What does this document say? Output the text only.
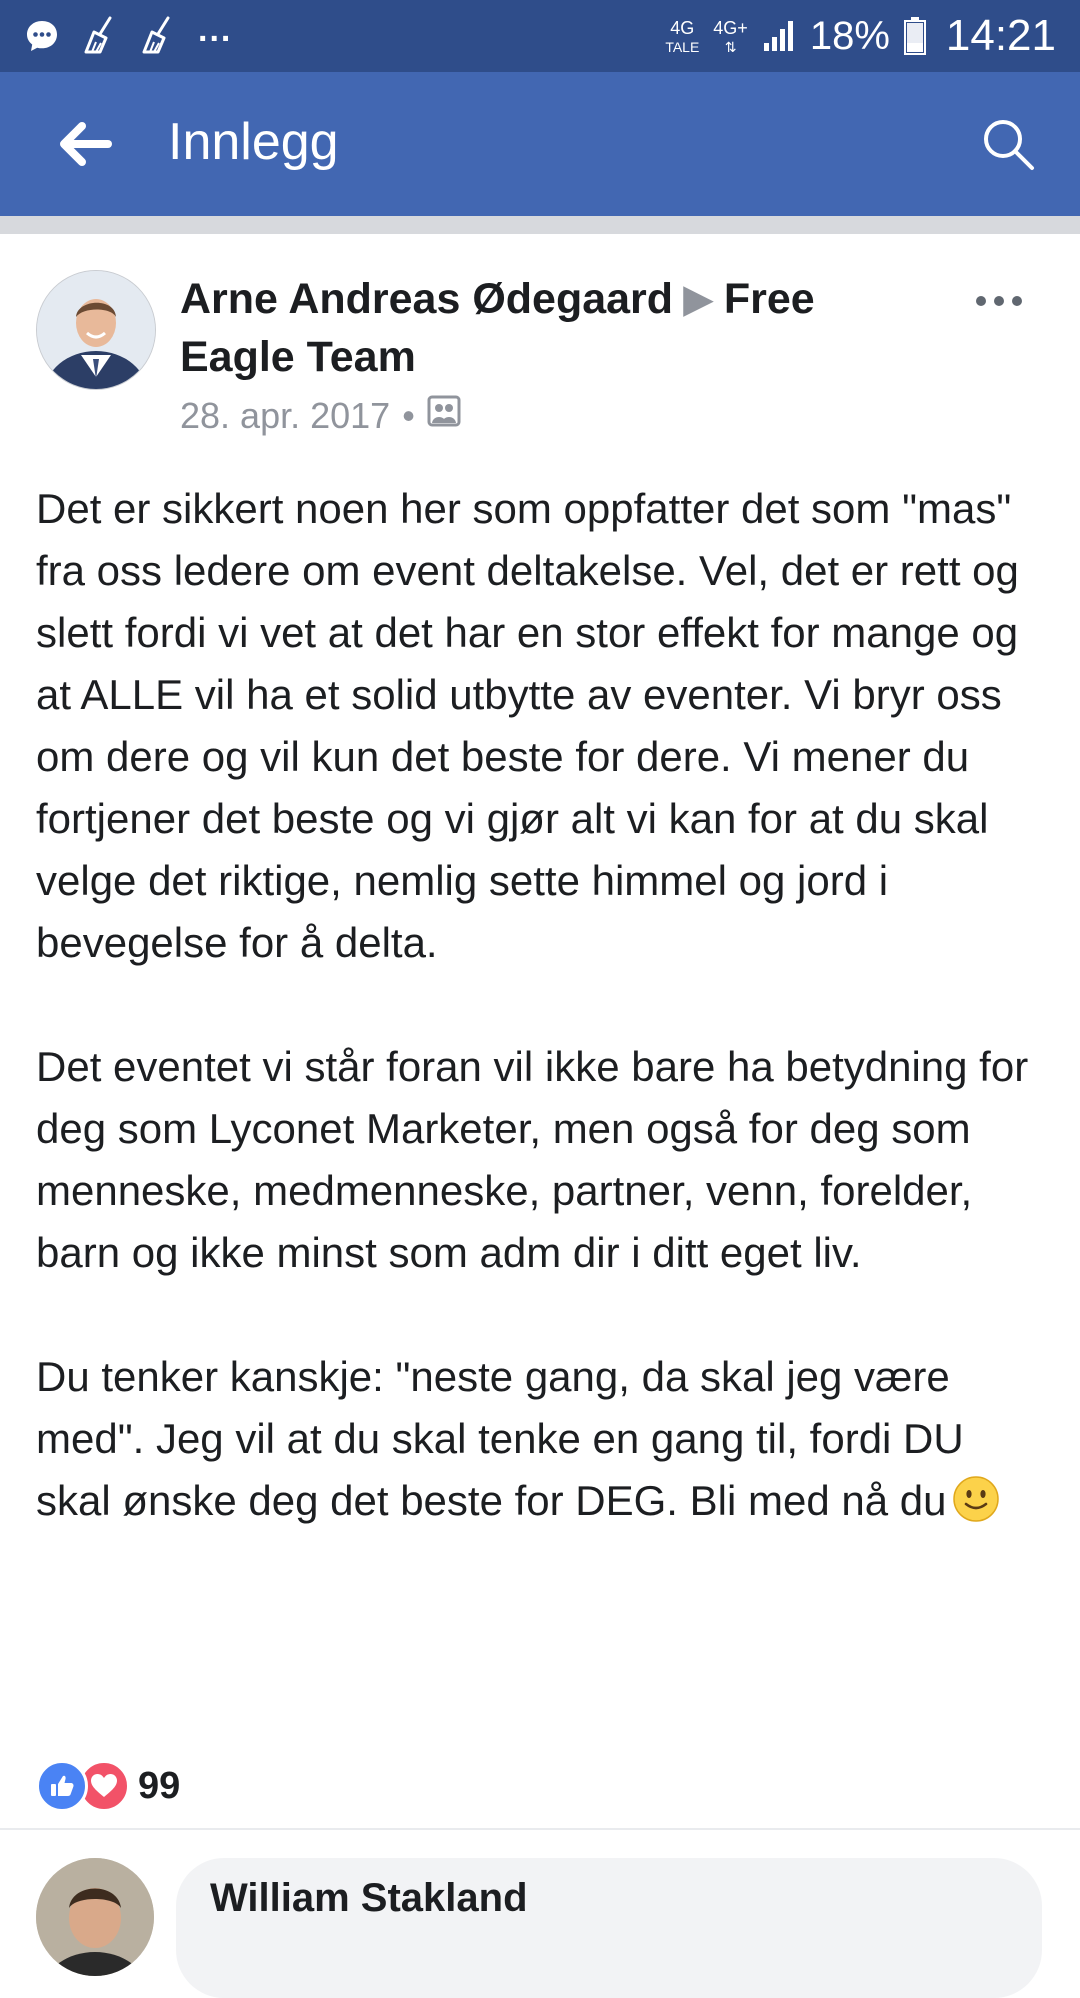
...	4G
TALE
4G+
⇅ 18% 14:21
Innlegg
Arne Andreas Ødegaard ▶ Free Eagle Team
28. apr. 2017 •

Det er sikkert noen her som oppfatter det som "mas" fra oss ledere om event deltakelse. Vel, det er rett og slett fordi vi vet at det har en stor effekt for mange og at ALLE vil ha et solid utbytte av eventer. Vi bryr oss om dere og vil kun det beste for dere. Vi mener du fortjener det beste og vi gjør alt vi kan for at du skal velge det riktige, nemlig sette himmel og jord i bevegelse for å delta.

Det eventet vi står foran vil ikke bare ha betydning for deg som Lyconet Marketer, men også for deg som menneske, medmenneske, partner, venn, forelder, barn og ikke minst som adm dir i ditt eget liv.

Du tenker kanskje: "neste gang, da skal jeg være med". Jeg vil at du skal tenke en gang til, fordi DU skal ønske deg det beste for DEG. Bli med nå du

99
William Stakland
